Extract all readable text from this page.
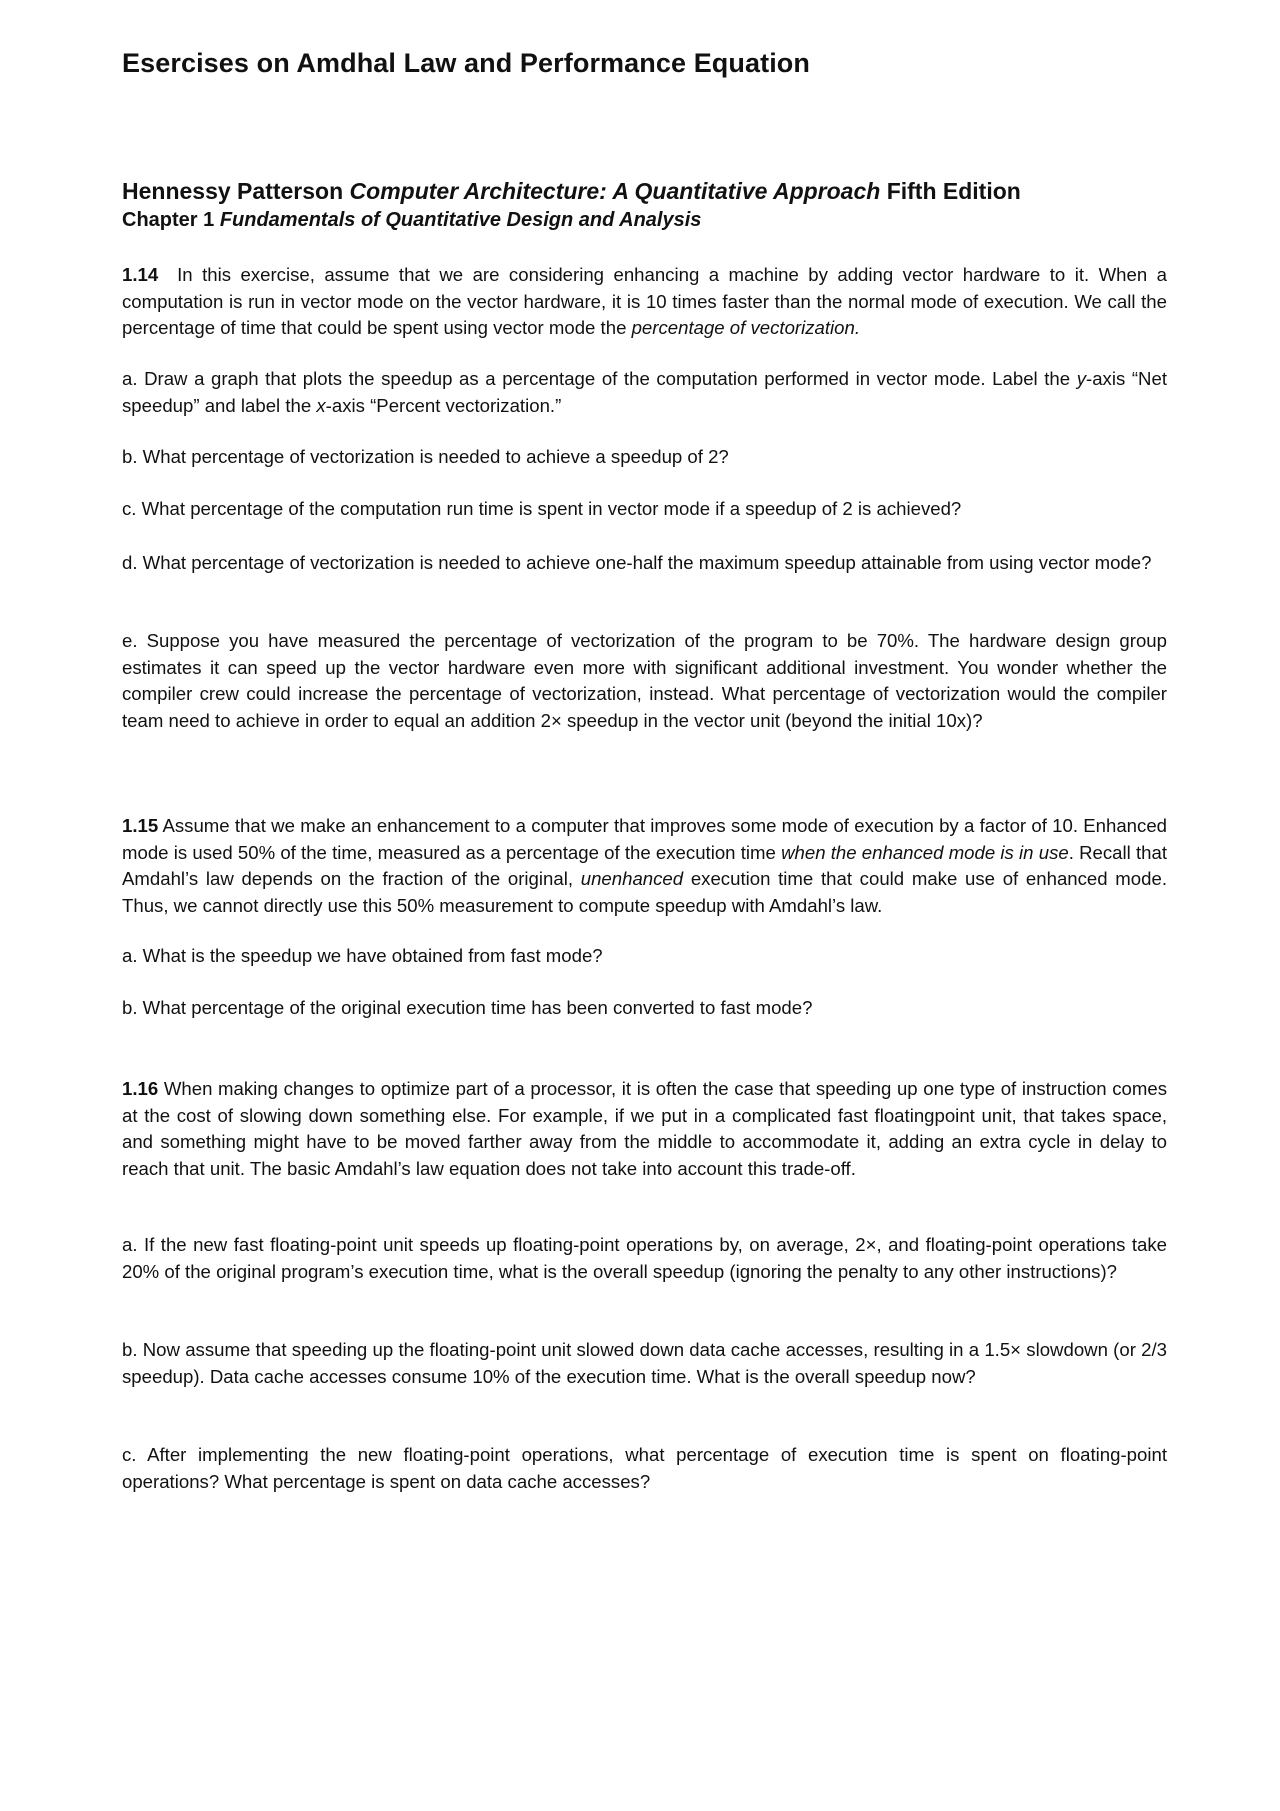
Esercises on Amdhal Law and Performance Equation

Hennessy Patterson Computer Architecture: A Quantitative Approach Fifth Edition

Chapter 1 Fundamentals of Quantitative Design and Analysis

1.14 In this exercise, assume that we are considering enhancing a machine by adding vector hardware to it. When a computation is run in vector mode on the vector hardware, it is 10 times faster than the normal mode of execution. We call the percentage of time that could be spent using vector mode the percentage of vectorization.

a. Draw a graph that plots the speedup as a percentage of the computation performed in vector mode. Label the y-axis “Net speedup” and label the x-axis “Percent vectorization.”

b. What percentage of vectorization is needed to achieve a speedup of 2?

c. What percentage of the computation run time is spent in vector mode if a speedup of 2 is achieved?

d. What percentage of vectorization is needed to achieve one-half the maximum speedup attainable from using vector mode?

e. Suppose you have measured the percentage of vectorization of the program to be 70%. The hardware design group estimates it can speed up the vector hardware even more with significant additional investment. You wonder whether the compiler crew could increase the percentage of vectorization, instead. What percentage of vectorization would the compiler team need to achieve in order to equal an addition 2× speedup in the vector unit (beyond the initial 10x)?

1.15 Assume that we make an enhancement to a computer that improves some mode of execution by a factor of 10. Enhanced mode is used 50% of the time, measured as a percentage of the execution time when the enhanced mode is in use. Recall that Amdahl’s law depends on the fraction of the original, unenhanced execution time that could make use of enhanced mode. Thus, we cannot directly use this 50% measurement to compute speedup with Amdahl’s law.

a. What is the speedup we have obtained from fast mode?

b. What percentage of the original execution time has been converted to fast mode?

1.16 When making changes to optimize part of a processor, it is often the case that speeding up one type of instruction comes at the cost of slowing down something else. For example, if we put in a complicated fast floatingpoint unit, that takes space, and something might have to be moved farther away from the middle to accommodate it, adding an extra cycle in delay to reach that unit. The basic Amdahl’s law equation does not take into account this trade-off.

a. If the new fast floating-point unit speeds up floating-point operations by, on average, 2×, and floating-point operations take 20% of the original program’s execution time, what is the overall speedup (ignoring the penalty to any other instructions)?

b. Now assume that speeding up the floating-point unit slowed down data cache accesses, resulting in a 1.5× slowdown (or 2/3 speedup). Data cache accesses consume 10% of the execution time. What is the overall speedup now?

c. After implementing the new floating-point operations, what percentage of execution time is spent on floating-point operations? What percentage is spent on data cache accesses?
